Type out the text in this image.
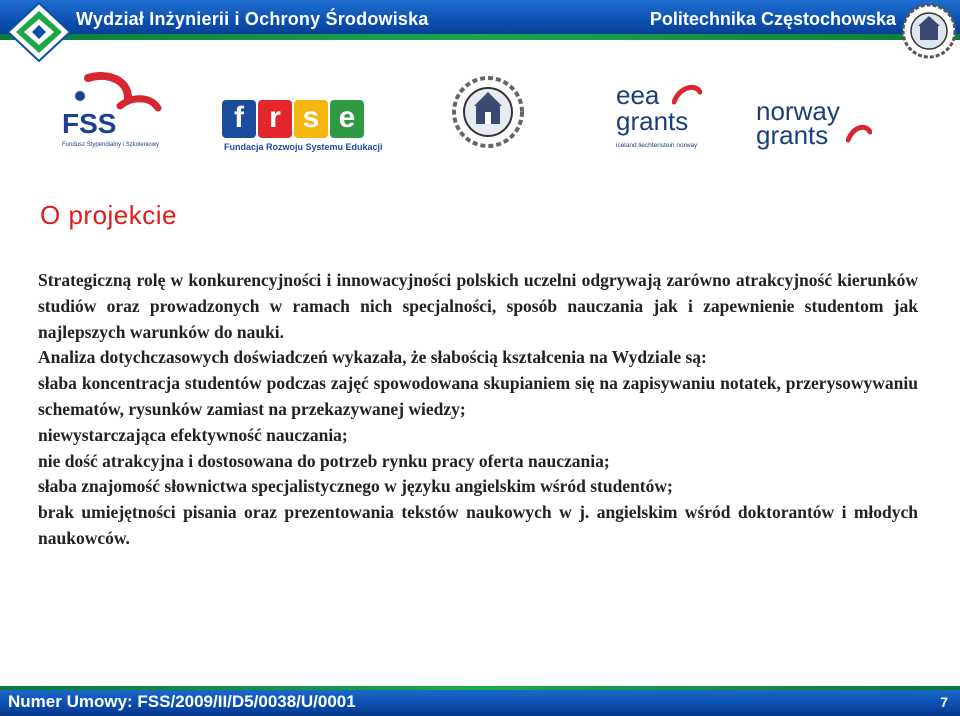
Wydział Inżynierii i Ochrony Środowiska	Politechnika Częstochowska
FSS
Fundusz Stypendialny i Szkoleniowy
f r s e
Fundacja Rozwoju Systemu Edukacji
eea
grants
iceland liechtenstein norway
norway
grants
O projekcie

Strategiczną rolę w konkurencyjności i innowacyjności polskich uczelni odgrywają zarówno atrakcyjność kierunków studiów oraz prowadzonych w ramach nich specjalności, sposób nauczania jak i zapewnienie studentom jak najlepszych warunków do nauki.

Analiza dotychczasowych doświadczeń wykazała, że słabością kształcenia na Wydziale są:

słaba koncentracja studentów podczas zajęć spowodowana skupianiem się na zapisywaniu notatek, przerysowywaniu schematów, rysunków zamiast na przekazywanej wiedzy;

niewystarczająca efektywność nauczania;

nie dość atrakcyjna i dostosowana do potrzeb rynku pracy oferta nauczania;

słaba znajomość słownictwa specjalistycznego w języku angielskim wśród studentów;

brak umiejętności pisania oraz prezentowania tekstów naukowych w j. angielskim wśród doktorantów i młodych naukowców.

Numer Umowy: FSS/2009/II/D5/0038/U/0001	7
